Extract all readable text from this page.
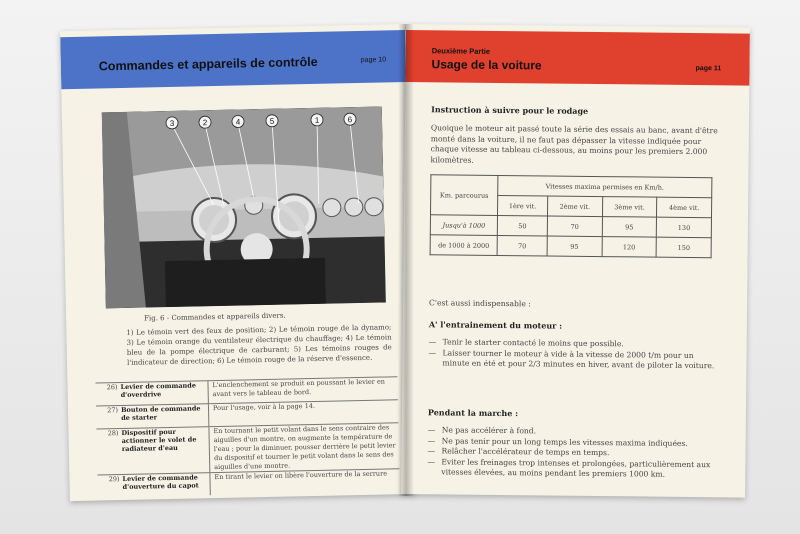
Commandes et appareils de contrôle	page 10
3	2	4	5	1	6
Fig. 6 - Commandes et appareils divers.
1) Le témoin vert des feux de position; 2) Le témoin rouge de la dynamo; 3) Le témoin orange du ventilateur électrique du chauffage; 4) Le témoin bleu de la pompe électrique de carburant; 5) Les témoins rouges de l'indicateur de direction; 6) Le témoin rouge de la réserve d'essence.
26) Levier de commande d'overdrive
L'enclenchement se produit en poussant le levier en avant vers le tableau de bord.
27) Bouton de commande de starter
Pour l'usage, voir à la page 14.
28) Dispositif pour actionner le volet de radiateur d'eau
En tournant le petit volant dans le sens contraire des aiguilles d'un montre, on augmente la température de l'eau ; pour la diminuer, pousser derrière le petit levier du dispositif et tourner le petit volant dans le sens des aiguilles d'une montre.
29) Levier de commande d'ouverture du capot
En tirant le levier on libère l'ouverture de la serrure
Deuxième Partie
Usage de la voiture	page 11
Instruction à suivre pour le rodage
Quoique le moteur ait passé toute la série des essais au banc, avant d'être monté dans la voiture, il ne faut pas dépasser la vitesse indiquée pour chaque vitesse au tableau ci-dessous, au moins pour les premiers 2.000 kilomètres.
Km. parcourus	Vitesses maxima permises en Km/h.			
	1ère vit.	2ème vit.	3ème vit.	4ème vit.
Jusqu'à 1000	50	70	95	130
de 1000 à 2000	70	95	120	150
C'est aussi indispensable :
A' l'entrainement du moteur :
— Tenir le starter contacté le moins que possible.
— Laisser tourner le moteur à vide à la vitesse de 2000 t/m pour un minute en été et pour 2/3 minutes en hiver, avant de piloter la voiture.
Pendant la marche :
— Ne pas accélérer à fond.
— Ne pas tenir pour un long temps les vitesses maxima indiquées.
— Relâcher l'accélérateur de temps en temps.
— Eviter les freinages trop intenses et prolongées, particulièrement aux vitesses élevées, au moins pendant les premiers 1000 km.
